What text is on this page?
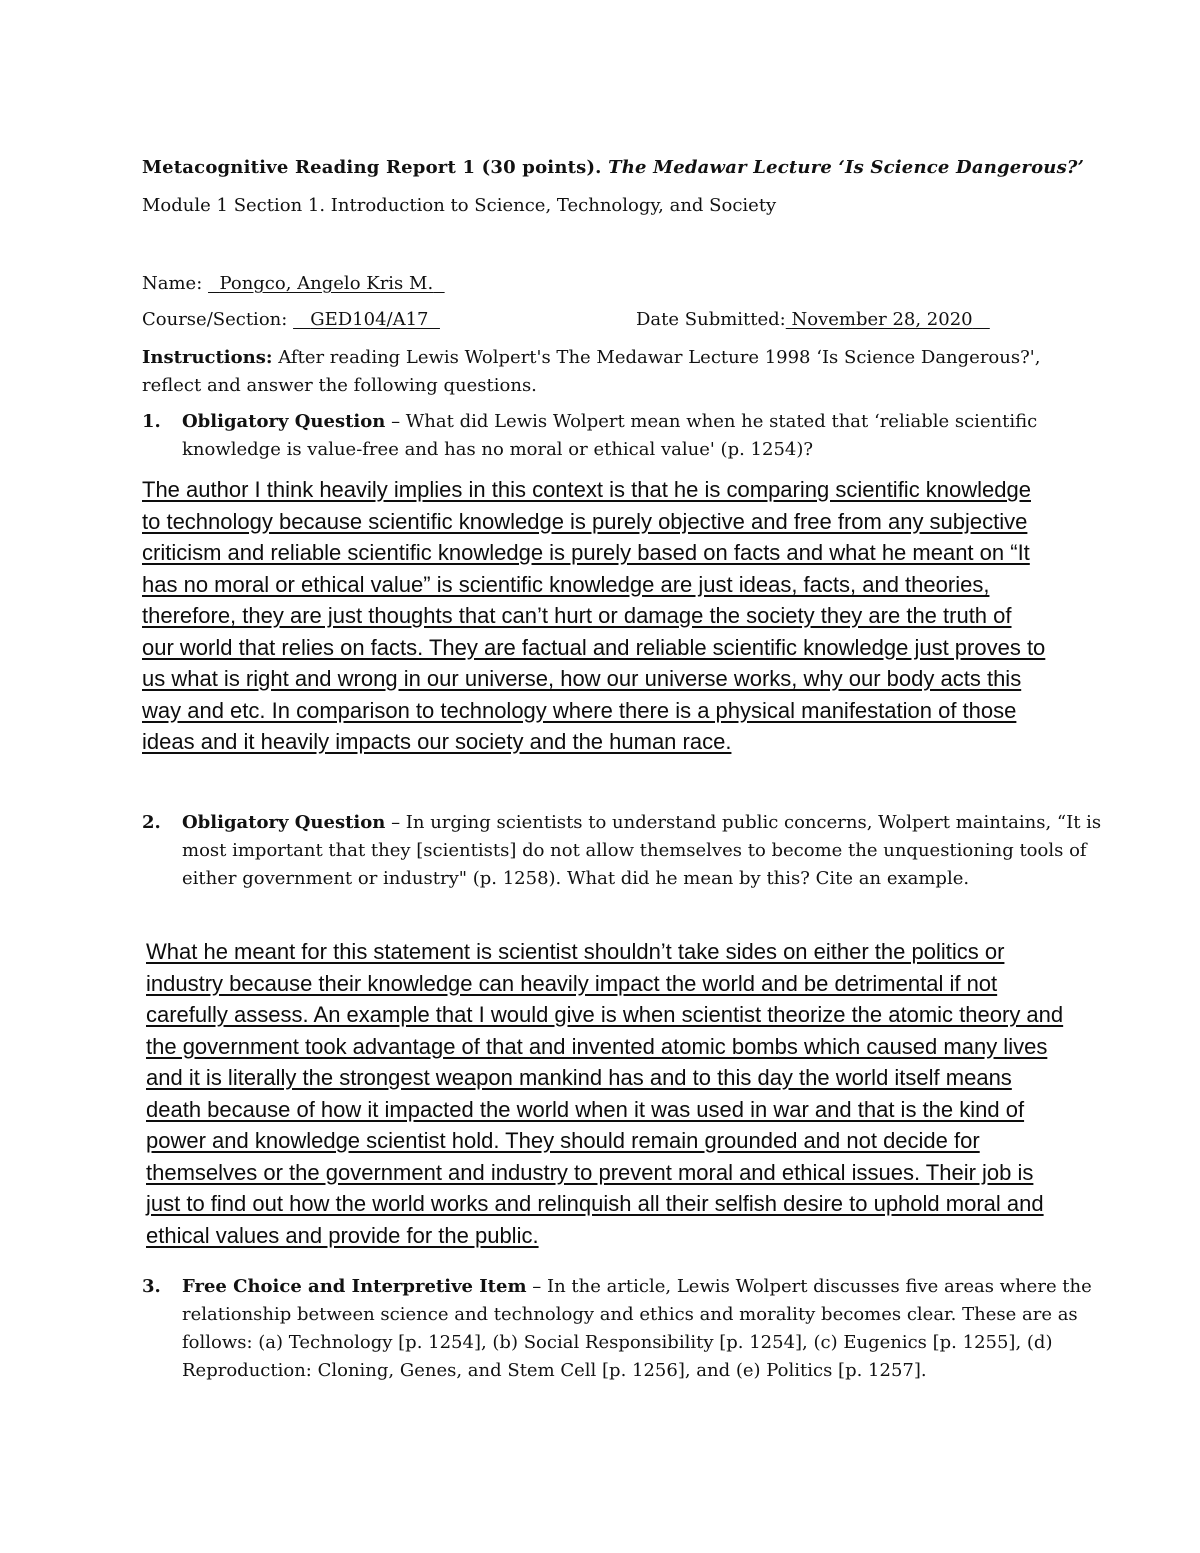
Metacognitive Reading Report 1 (30 points). The Medawar Lecture ‘Is Science Dangerous?’
Module 1 Section 1. Introduction to Science, Technology, and Society
Name: Pongco, Angelo Kris M.
Course/Section: GED104/A17	Date Submitted: November 28, 2020
Instructions: After reading Lewis Wolpert's The Medawar Lecture 1998 ‘Is Science Dangerous?', reflect and answer the following questions.
1. Obligatory Question – What did Lewis Wolpert mean when he stated that ‘reliable scientific knowledge is value-free and has no moral or ethical value' (p. 1254)?
The author I think heavily implies in this context is that he is comparing scientific knowledge to technology because scientific knowledge is purely objective and free from any subjective criticism and reliable scientific knowledge is purely based on facts and what he meant on “It has no moral or ethical value” is scientific knowledge are just ideas, facts, and theories, therefore, they are just thoughts that can’t hurt or damage the society they are the truth of our world that relies on facts. They are factual and reliable scientific knowledge just proves to us what is right and wrong in our universe, how our universe works, why our body acts this way and etc. In comparison to technology where there is a physical manifestation of those ideas and it heavily impacts our society and the human race.
2. Obligatory Question – In urging scientists to understand public concerns, Wolpert maintains, “It is most important that they [scientists] do not allow themselves to become the unquestioning tools of either government or industry" (p. 1258). What did he mean by this? Cite an example.
What he meant for this statement is scientist shouldn’t take sides on either the politics or industry because their knowledge can heavily impact the world and be detrimental if not carefully assess. An example that I would give is when scientist theorize the atomic theory and the government took advantage of that and invented atomic bombs which caused many lives and it is literally the strongest weapon mankind has and to this day the world itself means death because of how it impacted the world when it was used in war and that is the kind of power and knowledge scientist hold. They should remain grounded and not decide for themselves or the government and industry to prevent moral and ethical issues. Their job is just to find out how the world works and relinquish all their selfish desire to uphold moral and ethical values and provide for the public.
3. Free Choice and Interpretive Item – In the article, Lewis Wolpert discusses five areas where the relationship between science and technology and ethics and morality becomes clear. These are as follows: (a) Technology [p. 1254], (b) Social Responsibility [p. 1254], (c) Eugenics [p. 1255], (d) Reproduction: Cloning, Genes, and Stem Cell [p. 1256], and (e) Politics [p. 1257].
